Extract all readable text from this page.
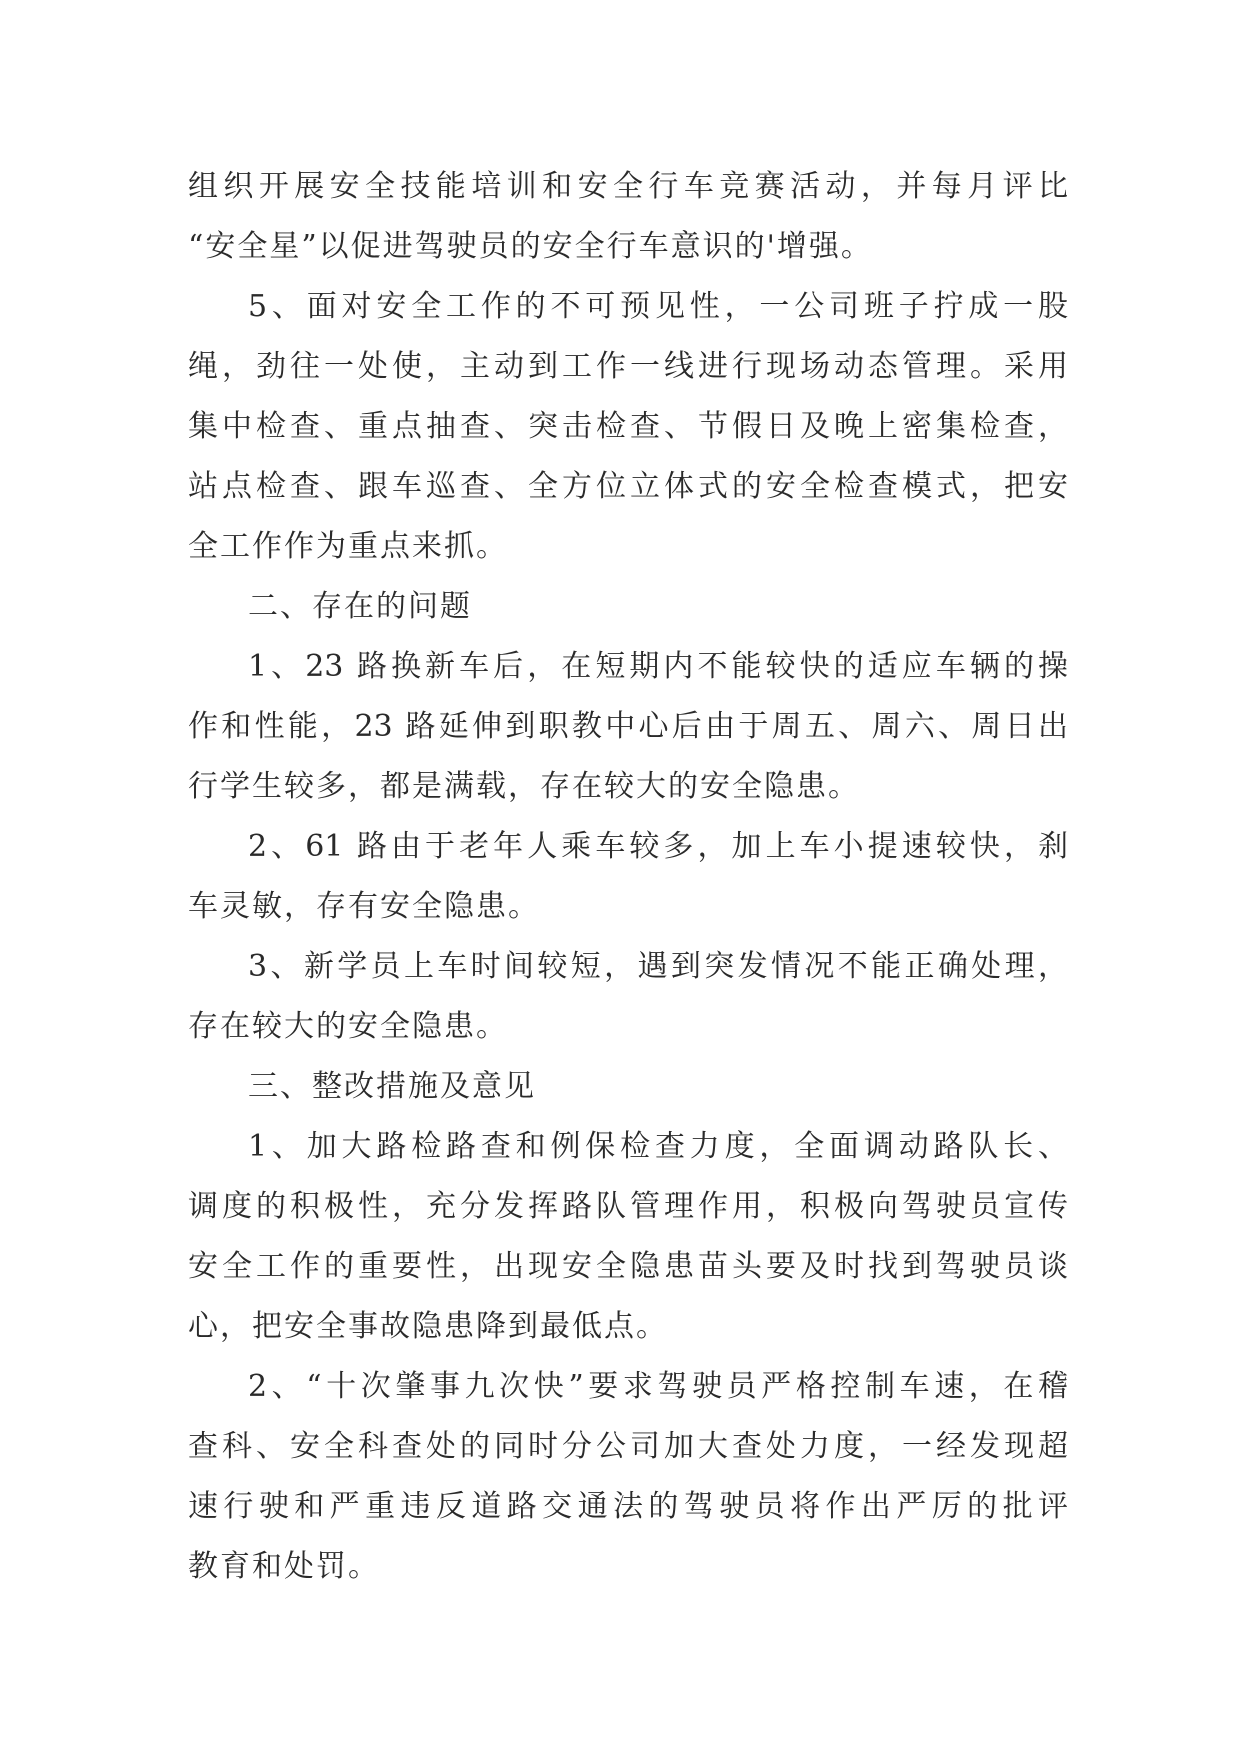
组织开展安全技能培训和安全行车竞赛活动，并每月评比
“安全星”以促进驾驶员的安全行车意识的'增强。
5、面对安全工作的不可预见性，一公司班子拧成一股
绳，劲往一处使，主动到工作一线进行现场动态管理。采用
集中检查、重点抽查、突击检查、节假日及晚上密集检查，
站点检查、跟车巡查、全方位立体式的安全检查模式，把安
全工作作为重点来抓。
二、存在的问题
1、23 路换新车后，在短期内不能较快的适应车辆的操
作和性能，23 路延伸到职教中心后由于周五、周六、周日出
行学生较多，都是满载，存在较大的安全隐患。
2、61 路由于老年人乘车较多，加上车小提速较快，刹
车灵敏，存有安全隐患。
3、新学员上车时间较短，遇到突发情况不能正确处理，
存在较大的安全隐患。
三、整改措施及意见
1、加大路检路查和例保检查力度，全面调动路队长、
调度的积极性，充分发挥路队管理作用，积极向驾驶员宣传
安全工作的重要性，出现安全隐患苗头要及时找到驾驶员谈
心，把安全事故隐患降到最低点。
2、“十次肇事九次快”要求驾驶员严格控制车速，在稽
查科、安全科查处的同时分公司加大查处力度，一经发现超
速行驶和严重违反道路交通法的驾驶员将作出严厉的批评
教育和处罚。
